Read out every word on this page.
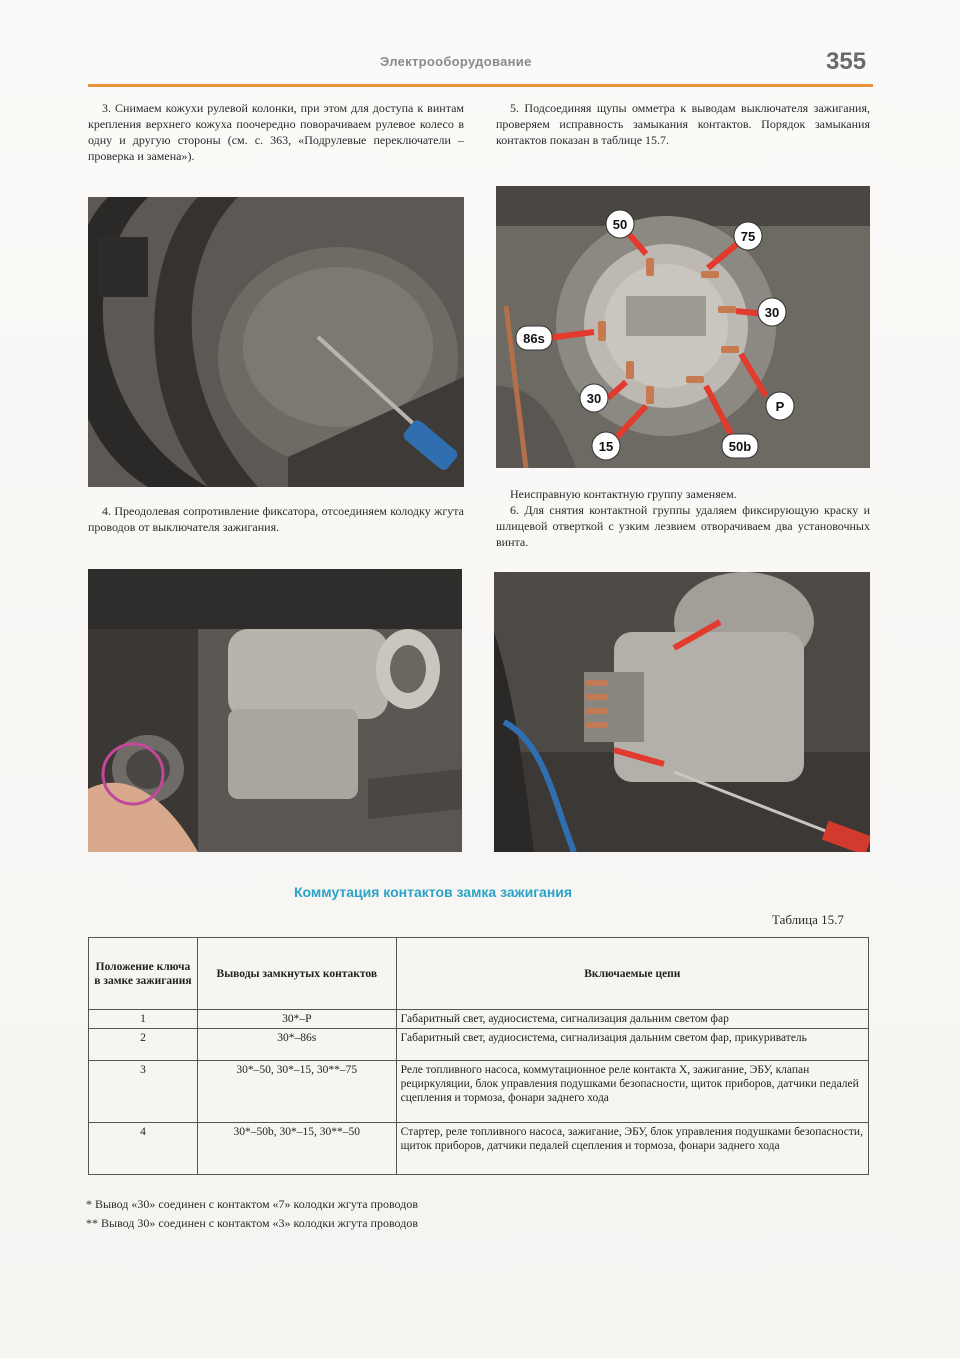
Электрооборудование	355

3. Снимаем кожухи рулевой колонки, при этом для доступа к винтам крепления верхнего кожуха поочередно поворачиваем рулевое колесо в одну и другую стороны (см. с. 363, «Подрулевые переключатели – проверка и замена»).

4. Преодолевая сопротивление фиксатора, отсоединяем колодку жгута проводов от выключателя зажигания.

5. Подсоединяя щупы омметра к выводам выключателя зажигания, проверяем исправность замыкания контактов. Порядок замыкания контактов показан в таблице 15.7.

50
75
30
86s
30
P
15	50b

Неисправную контактную группу заменяем.

6. Для снятия контактной группы удаляем фиксирующую краску и шлицевой отверткой с узким лезвием отворачиваем два установочных винта.

Коммутация контактов замка зажигания
Таблица 15.7
Положение ключа в замке зажигания	Выводы замкнутых контактов	Включаемые цепи
1	30*–P	Габаритный свет, аудиосистема, сигнализация дальним светом фар
2	30*–86s	Габаритный свет, аудиосистема, сигнализация дальним светом фар, прикуриватель
3	30*–50, 30*–15, 30**–75	Реле топливного насоса, коммутационное реле контакта X, зажигание, ЭБУ, клапан рециркуляции, блок управления подушками безопасности, щиток приборов, датчики педалей сцепления и тормоза, фонари заднего хода
4	30*–50b, 30*–15, 30**–50	Стартер, реле топливного насоса, зажигание, ЭБУ, блок управления подушками безопасности, щиток приборов, датчики педалей сцепления и тормоза, фонари заднего хода
* Вывод «30» соединен с контактом «7» колодки жгута проводов
** Вывод 30» соединен с контактом «3» колодки жгута проводов
